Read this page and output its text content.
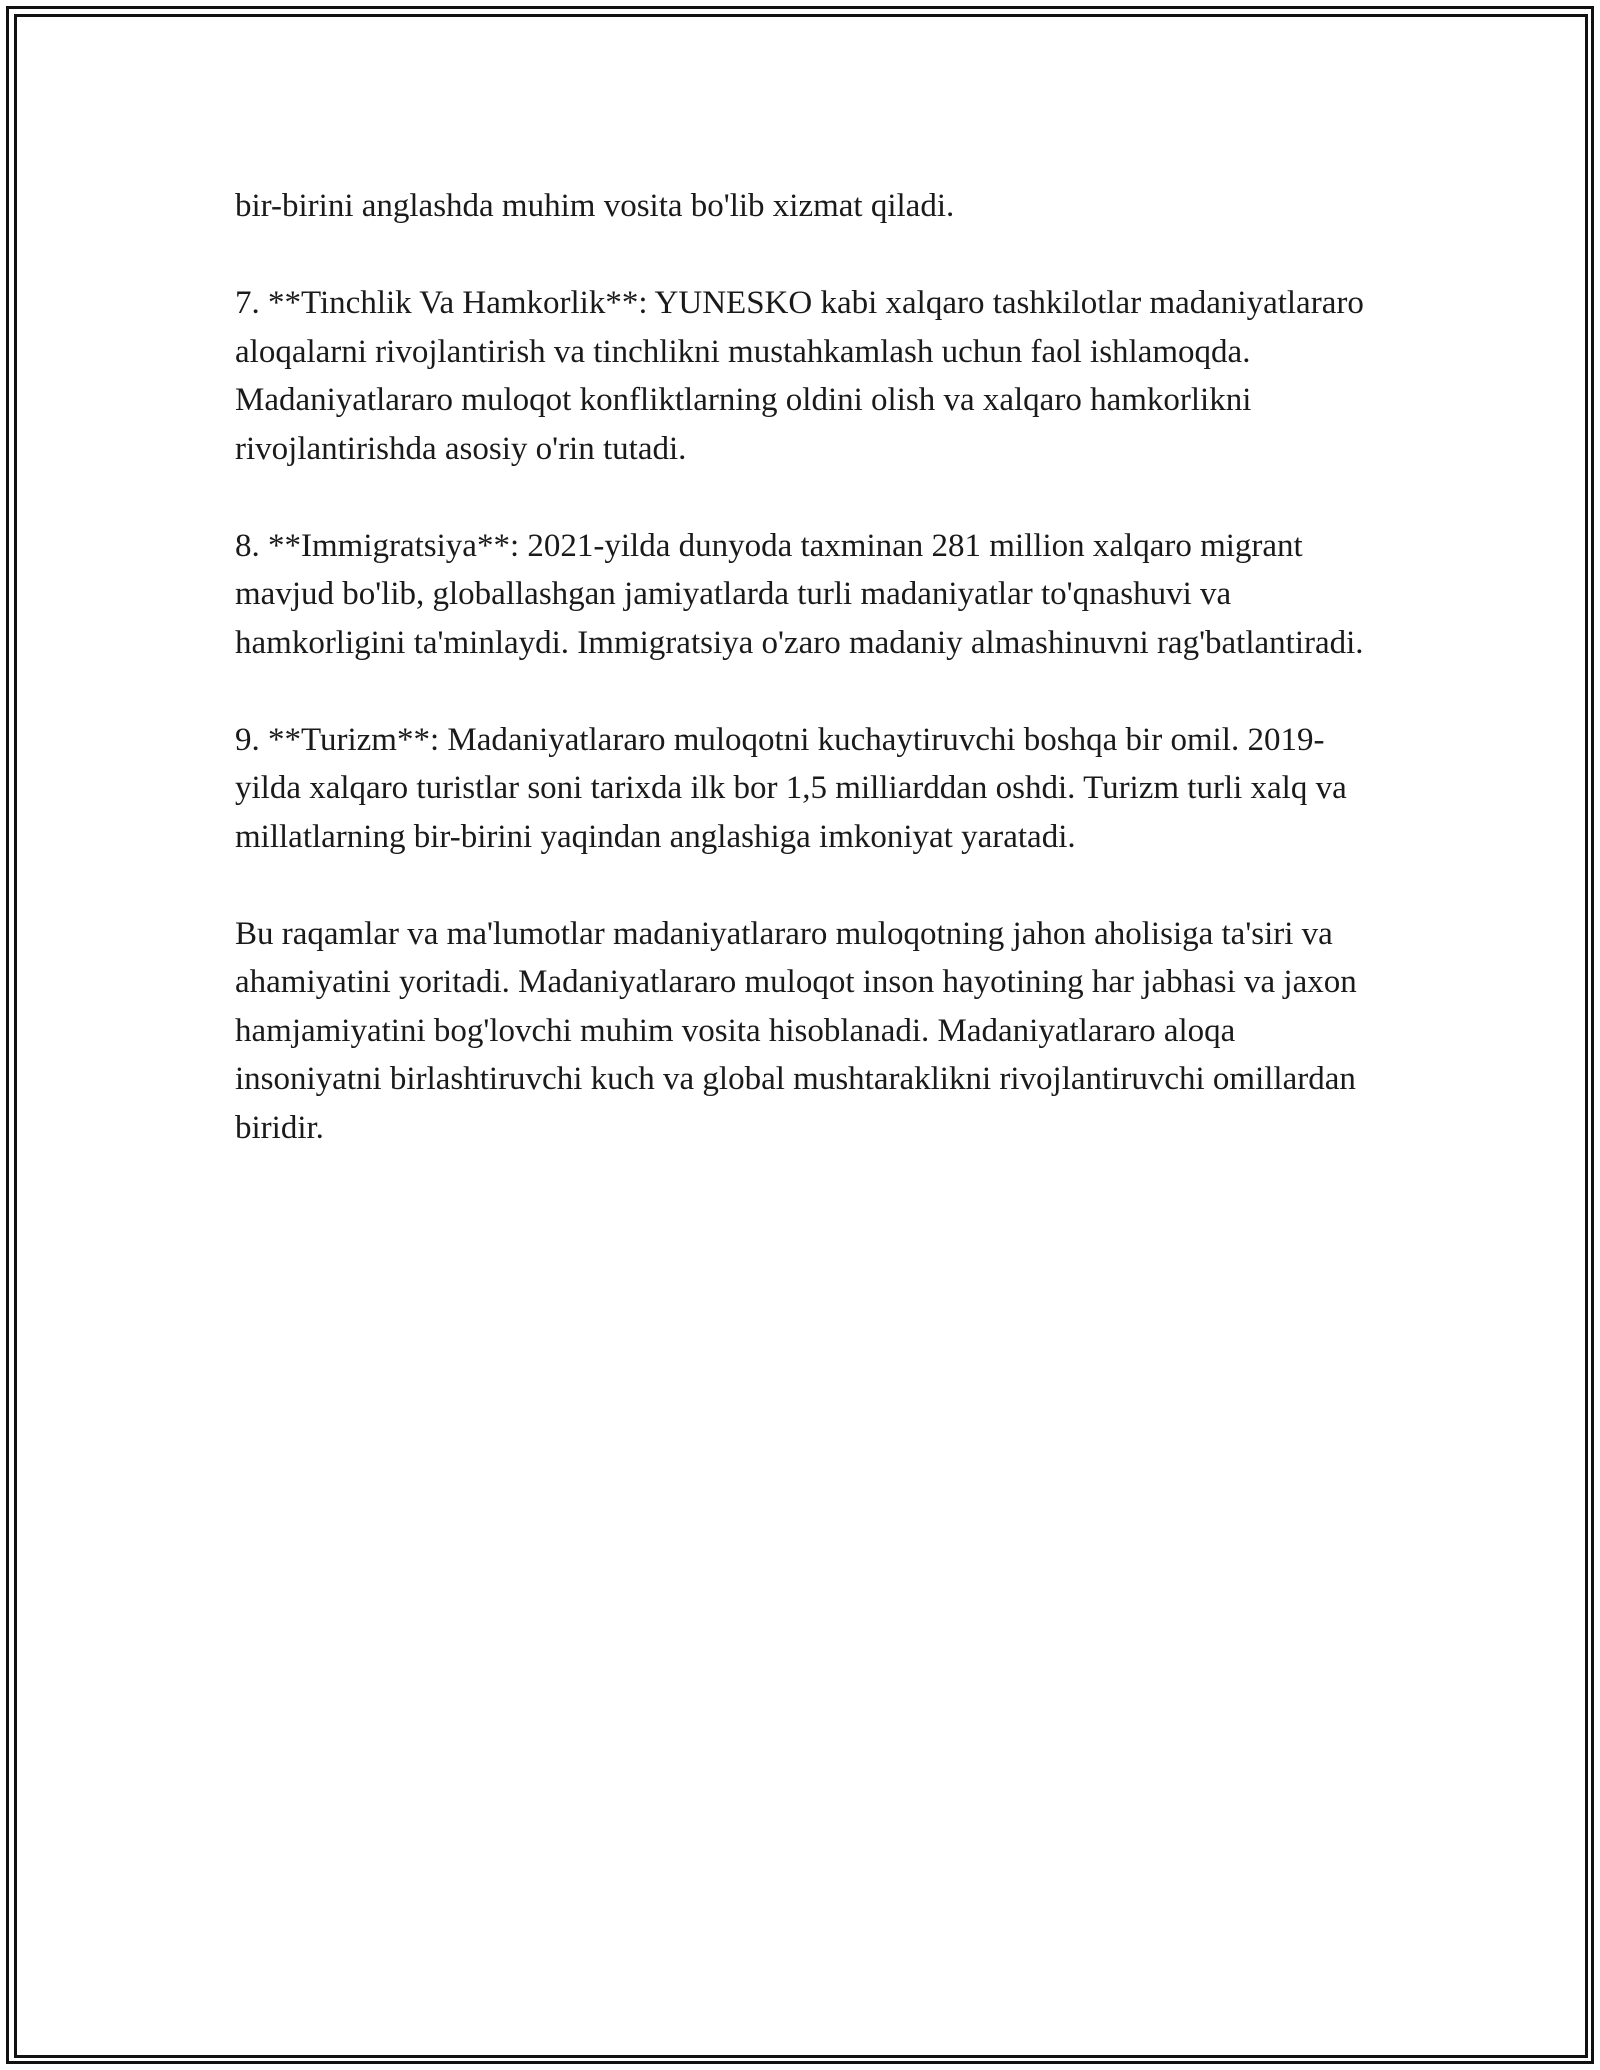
bir-birini anglashda muhim vosita bo'lib xizmat qiladi.

7. **Tinchlik Va Hamkorlik**: YUNESKO kabi xalqaro tashkilotlar madaniyatlararo aloqalarni rivojlantirish va tinchlikni mustahkamlash uchun faol ishlamoqda. Madaniyatlararo muloqot konfliktlarning oldini olish va xalqaro hamkorlikni rivojlantirishda asosiy o'rin tutadi.

8. **Immigratsiya**: 2021-yilda dunyoda taxminan 281 million xalqaro migrant mavjud bo'lib, globallashgan jamiyatlarda turli madaniyatlar to'qnashuvi va hamkorligini ta'minlaydi. Immigratsiya o'zaro madaniy almashinuvni rag'batlantiradi.

9. **Turizm**: Madaniyatlararo muloqotni kuchaytiruvchi boshqa bir omil. 2019-yilda xalqaro turistlar soni tarixda ilk bor 1,5 milliarddan oshdi. Turizm turli xalq va millatlarning bir-birini yaqindan anglashiga imkoniyat yaratadi.

Bu raqamlar va ma'lumotlar madaniyatlararo muloqotning jahon aholisiga ta'siri va ahamiyatini yoritadi. Madaniyatlararo muloqot inson hayotining har jabhasi va jaxon hamjamiyatini bog'lovchi muhim vosita hisoblanadi. Madaniyatlararo aloqa insoniyatni birlashtiruvchi kuch va global mushtaraklikni rivojlantiruvchi omillardan biridir.
